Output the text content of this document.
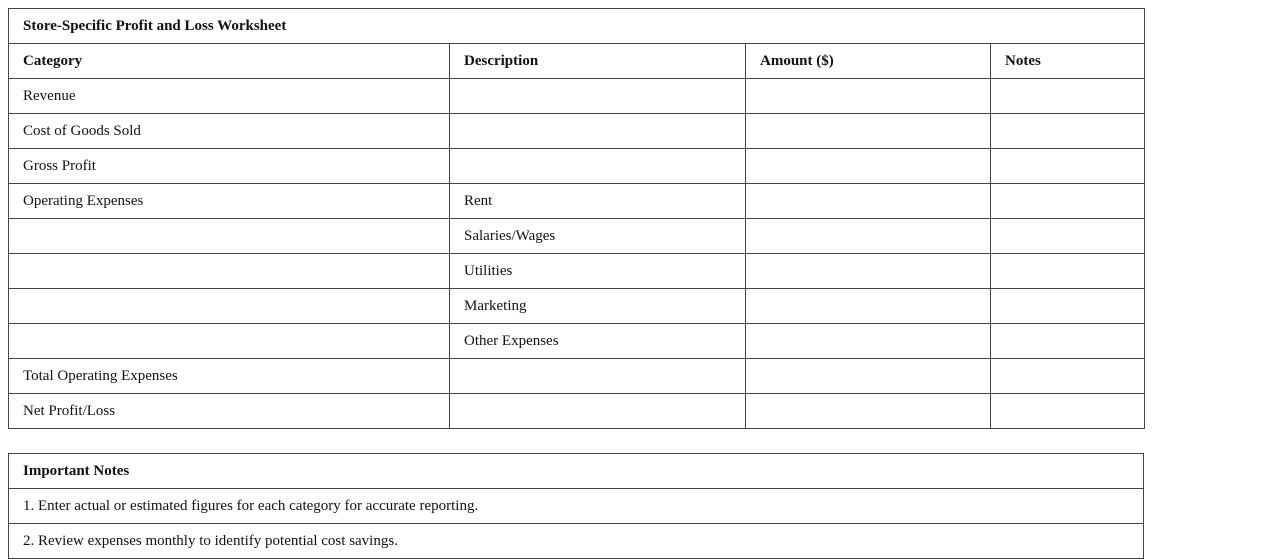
Store-Specific Profit and Loss Worksheet			
Category	Description	Amount ($)	Notes
Revenue			
Cost of Goods Sold			
Gross Profit			
Operating Expenses	Rent		
	Salaries/Wages		
	Utilities		
	Marketing		
	Other Expenses		
Total Operating Expenses			
Net Profit/Loss			
Important Notes
1. Enter actual or estimated figures for each category for accurate reporting.
2. Review expenses monthly to identify potential cost savings.
